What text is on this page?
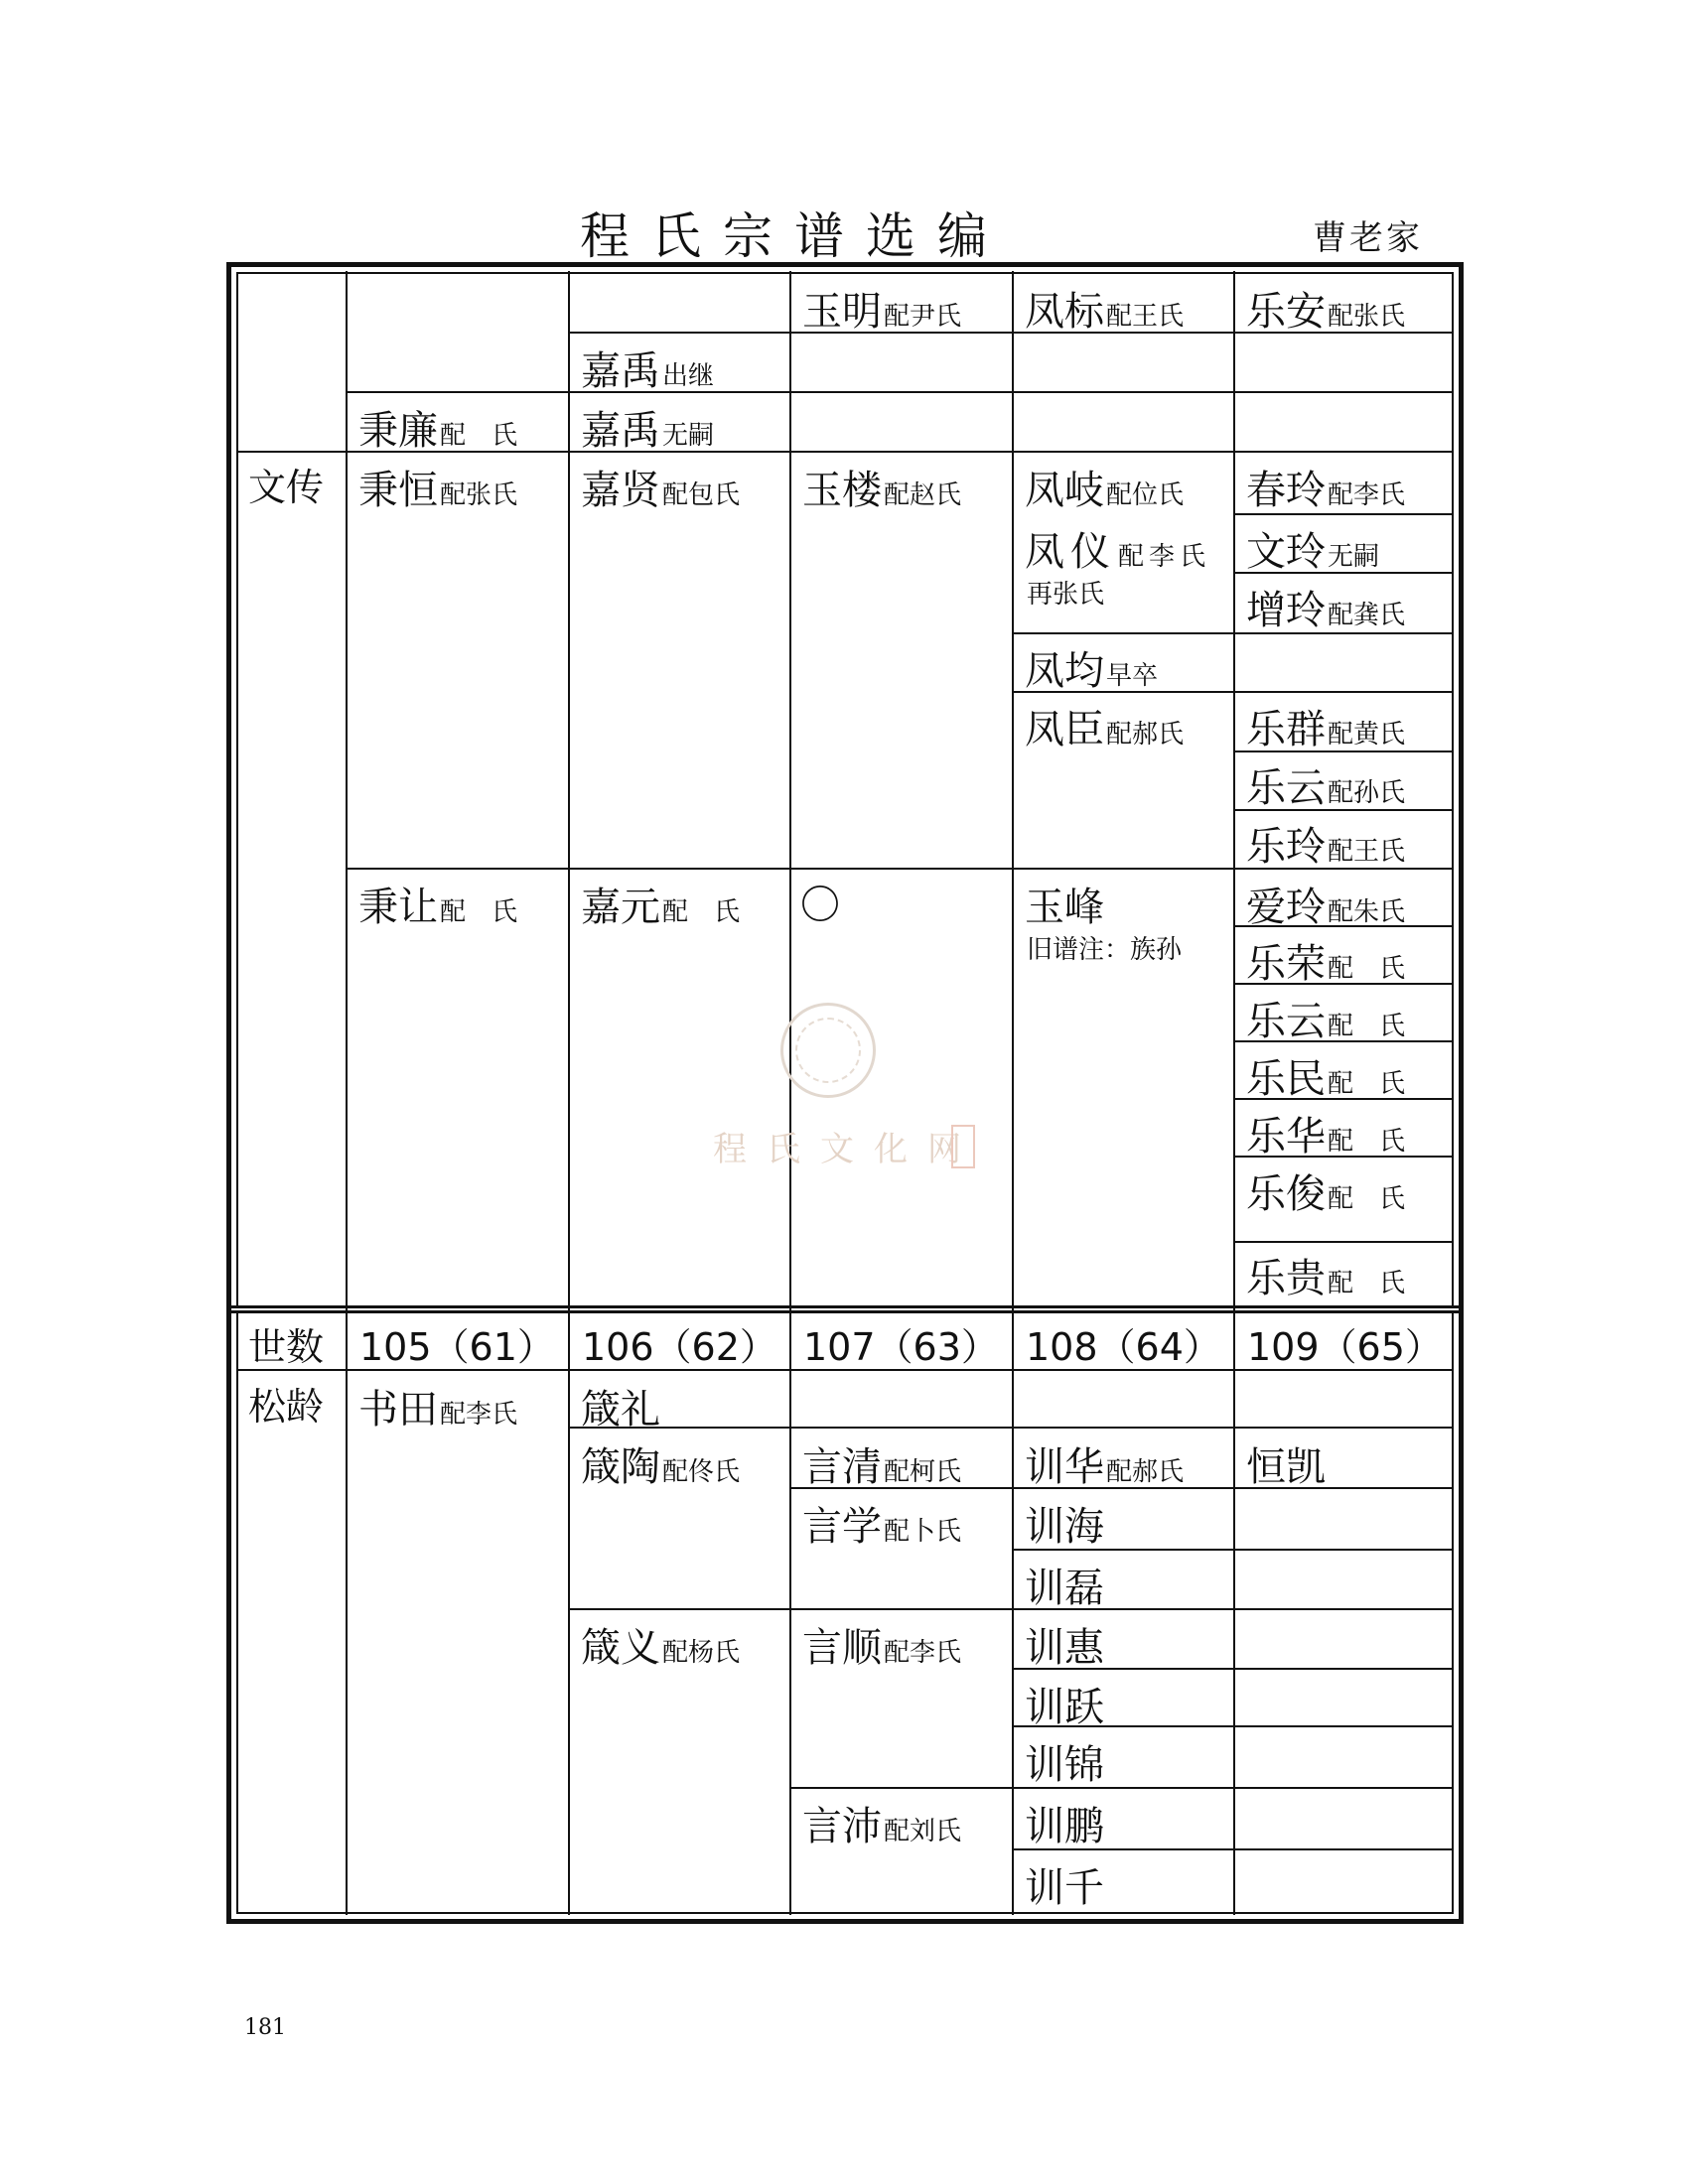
程氏宗谱选编	曹老家
玉明配尹氏 凤标配王氏 乐安配张氏
嘉禹出继
秉廉配　氏 嘉禹无嗣
文传 秉恒配张氏 嘉贤配包氏 玉楼配赵氏 凤岐配位氏
凤仪配李氏
再张氏
凤均早卒
凤臣配郝氏
春玲配李氏
文玲无嗣
增玲配龚氏
乐群配黄氏
乐云配孙氏
乐玲配王氏
秉让配　氏 嘉元配　氏 〇	玉峰
旧谱注：族孙
爱玲配朱氏
乐荣配　氏
乐云配　氏
乐民配　氏
乐华配　氏
乐俊配　氏
乐贵配　氏
程氏文化网
世数 105（61） 106（62） 107（63） 108（64） 109（65）
松龄 书田配李氏 箴礼
箴陶配佟氏
箴义配杨氏
言清配柯氏
言学配卜氏
言顺配李氏
言沛配刘氏
训华配郝氏
训海
训磊
训惠
训跃
训锦
训鹏
训千
恒凯
181
